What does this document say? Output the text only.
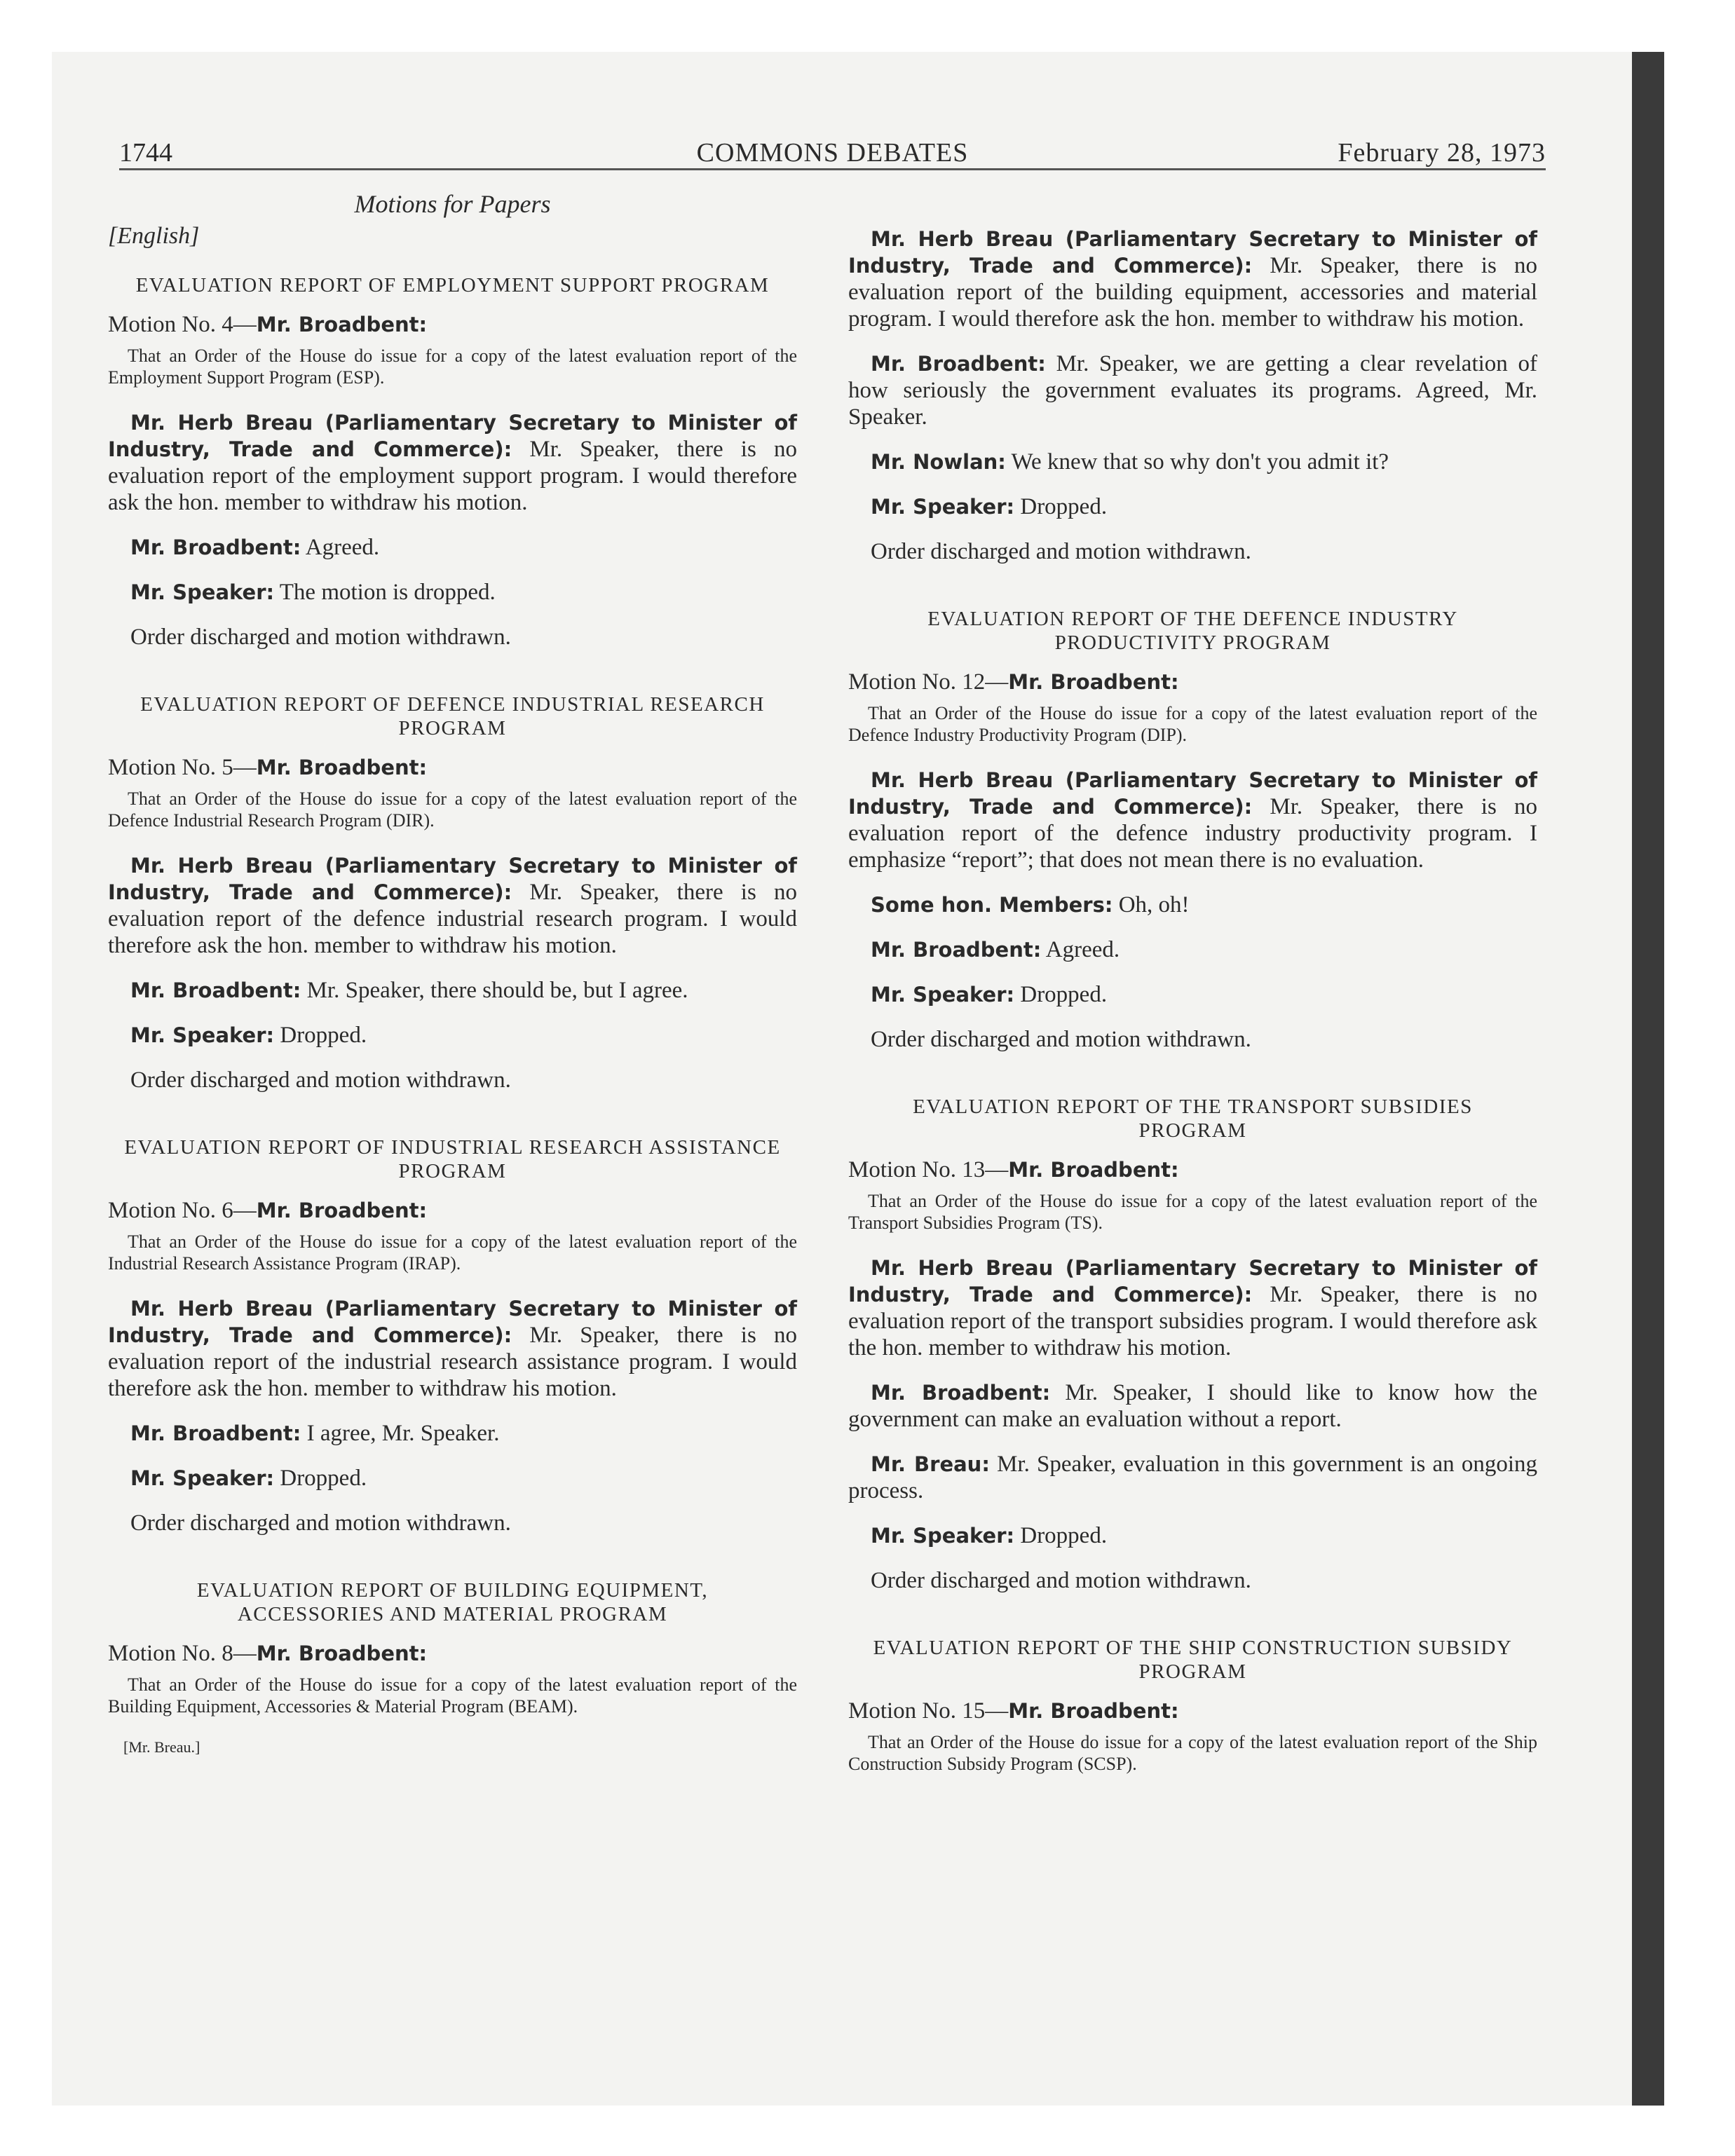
1744	COMMONS DEBATES	February 28, 1973
Motions for Papers
[English]
EVALUATION REPORT OF EMPLOYMENT SUPPORT PROGRAM
Motion No. 4—Mr. Broadbent:
That an Order of the House do issue for a copy of the latest evaluation report of the Employment Support Program (ESP).

Mr. Herb Breau (Parliamentary Secretary to Minister of Industry, Trade and Commerce): Mr. Speaker, there is no evaluation report of the employment support program. I would therefore ask the hon. member to withdraw his motion.

Mr. Broadbent: Agreed.

Mr. Speaker: The motion is dropped.

Order discharged and motion withdrawn.

EVALUATION REPORT OF DEFENCE INDUSTRIAL RESEARCH PROGRAM
Motion No. 5—Mr. Broadbent:
That an Order of the House do issue for a copy of the latest evaluation report of the Defence Industrial Research Program (DIR).

Mr. Herb Breau (Parliamentary Secretary to Minister of Industry, Trade and Commerce): Mr. Speaker, there is no evaluation report of the defence industrial research program. I would therefore ask the hon. member to withdraw his motion.

Mr. Broadbent: Mr. Speaker, there should be, but I agree.

Mr. Speaker: Dropped.

Order discharged and motion withdrawn.

EVALUATION REPORT OF INDUSTRIAL RESEARCH ASSISTANCE PROGRAM
Motion No. 6—Mr. Broadbent:
That an Order of the House do issue for a copy of the latest evaluation report of the Industrial Research Assistance Program (IRAP).

Mr. Herb Breau (Parliamentary Secretary to Minister of Industry, Trade and Commerce): Mr. Speaker, there is no evaluation report of the industrial research assistance program. I would therefore ask the hon. member to withdraw his motion.

Mr. Broadbent: I agree, Mr. Speaker.

Mr. Speaker: Dropped.

Order discharged and motion withdrawn.

EVALUATION REPORT OF BUILDING EQUIPMENT, ACCESSORIES AND MATERIAL PROGRAM
Motion No. 8—Mr. Broadbent:
That an Order of the House do issue for a copy of the latest evaluation report of the Building Equipment, Accessories & Material Program (BEAM).
[Mr. Breau.]

Mr. Herb Breau (Parliamentary Secretary to Minister of Industry, Trade and Commerce): Mr. Speaker, there is no evaluation report of the building equipment, accessories and material program. I would therefore ask the hon. member to withdraw his motion.

Mr. Broadbent: Mr. Speaker, we are getting a clear revelation of how seriously the government evaluates its programs. Agreed, Mr. Speaker.

Mr. Nowlan: We knew that so why don't you admit it?

Mr. Speaker: Dropped.

Order discharged and motion withdrawn.

EVALUATION REPORT OF THE DEFENCE INDUSTRY PRODUCTIVITY PROGRAM
Motion No. 12—Mr. Broadbent:
That an Order of the House do issue for a copy of the latest evaluation report of the Defence Industry Productivity Program (DIP).

Mr. Herb Breau (Parliamentary Secretary to Minister of Industry, Trade and Commerce): Mr. Speaker, there is no evaluation report of the defence industry productivity program. I emphasize “report”; that does not mean there is no evaluation.

Some hon. Members: Oh, oh!

Mr. Broadbent: Agreed.

Mr. Speaker: Dropped.

Order discharged and motion withdrawn.

EVALUATION REPORT OF THE TRANSPORT SUBSIDIES PROGRAM
Motion No. 13—Mr. Broadbent:
That an Order of the House do issue for a copy of the latest evaluation report of the Transport Subsidies Program (TS).

Mr. Herb Breau (Parliamentary Secretary to Minister of Industry, Trade and Commerce): Mr. Speaker, there is no evaluation report of the transport subsidies program. I would therefore ask the hon. member to withdraw his motion.

Mr. Broadbent: Mr. Speaker, I should like to know how the government can make an evaluation without a report.

Mr. Breau: Mr. Speaker, evaluation in this government is an ongoing process.

Mr. Speaker: Dropped.

Order discharged and motion withdrawn.

EVALUATION REPORT OF THE SHIP CONSTRUCTION SUBSIDY PROGRAM
Motion No. 15—Mr. Broadbent:
That an Order of the House do issue for a copy of the latest evaluation report of the Ship Construction Subsidy Program (SCSP).
